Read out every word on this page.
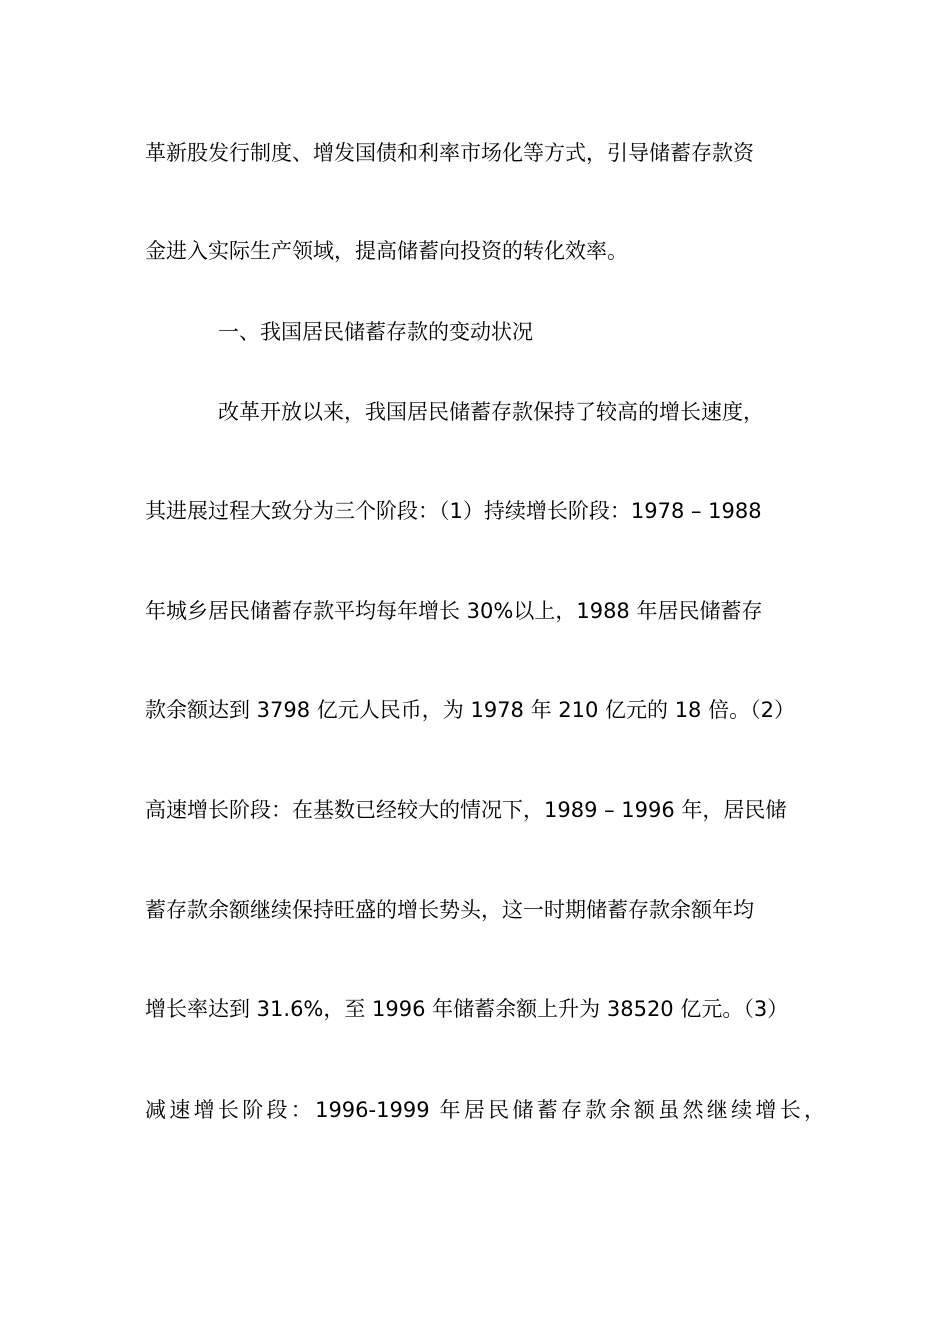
革新股发行制度、增发国债和利率市场化等方式，引导储蓄存款资
金进入实际生产领域，提高储蓄向投资的转化效率。
一、我国居民储蓄存款的变动状况
改革开放以来，我国居民储蓄存款保持了较高的增长速度，
其进展过程大致分为三个阶段：（1）持续增长阶段：1978 – 1988
年城乡居民储蓄存款平均每年增长 30%以上，1988 年居民储蓄存
款余额达到 3798 亿元人民币，为 1978 年 210 亿元的 18 倍。（2）
高速增长阶段：在基数已经较大的情况下，1989 – 1996 年，居民储
蓄存款余额继续保持旺盛的增长势头，这一时期储蓄存款余额年均
增长率达到 31.6%，至 1996 年储蓄余额上升为 38520 亿元。（3）
减速增长阶段：1996-1999 年居民储蓄存款余额虽然继续增长，
